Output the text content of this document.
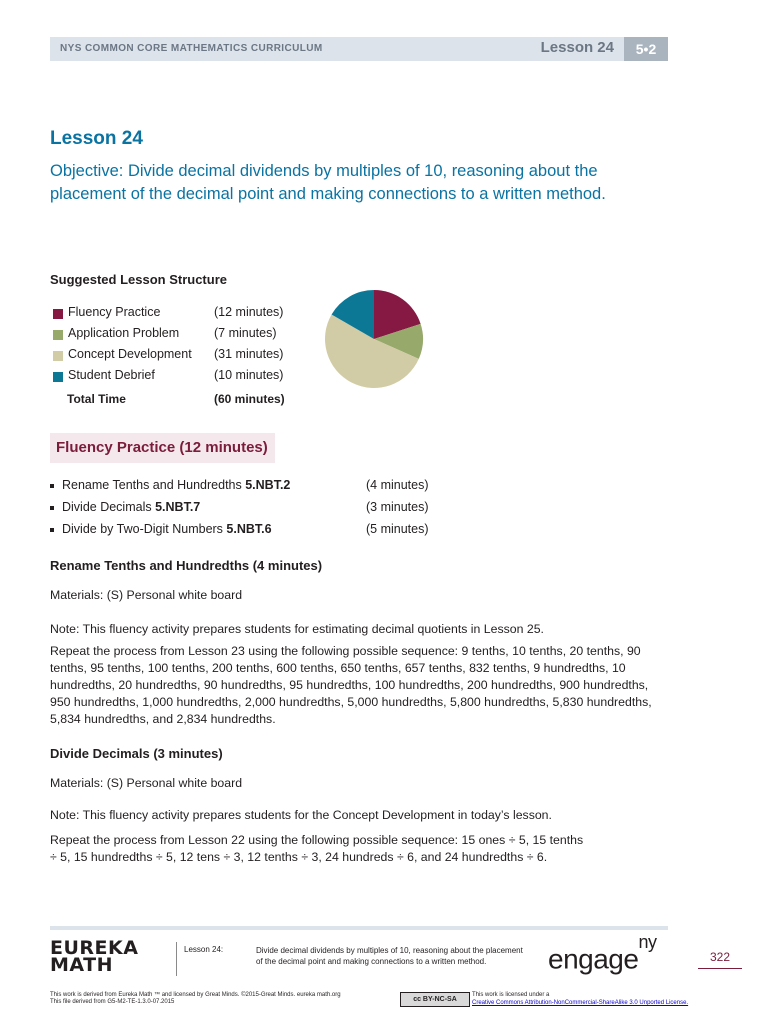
NYS COMMON CORE MATHEMATICS CURRICULUM	Lesson 24	5•2
Lesson 24
Objective: Divide decimal dividends by multiples of 10, reasoning about the placement of the decimal point and making connections to a written method.
Suggested Lesson Structure
Fluency Practice	(12 minutes)
Application Problem	(7 minutes)
Concept Development (31 minutes)
Student Debrief	(10 minutes)
Total Time	(60 minutes)
Fluency Practice (12 minutes)
Rename Tenths and Hundredths 5.NBT.2	(4 minutes)
Divide Decimals 5.NBT.7	(3 minutes)
Divide by Two-Digit Numbers 5.NBT.6	(5 minutes)
Rename Tenths and Hundredths (4 minutes)
Materials: (S) Personal white board
Note: This fluency activity prepares students for estimating decimal quotients in Lesson 25.
Repeat the process from Lesson 23 using the following possible sequence: 9 tenths, 10 tenths, 20 tenths, 90 tenths, 95 tenths, 100 tenths, 200 tenths, 600 tenths, 650 tenths, 657 tenths, 832 tenths, 9 hundredths, 10 hundredths, 20 hundredths, 90 hundredths, 95 hundredths, 100 hundredths, 200 hundredths, 900 hundredths, 950 hundredths, 1,000 hundredths, 2,000 hundredths, 5,000 hundredths, 5,800 hundredths, 5,830 hundredths, 5,834 hundredths, and 2,834 hundredths.
Divide Decimals (3 minutes)
Materials: (S) Personal white board
Note: This fluency activity prepares students for the Concept Development in today’s lesson.
Repeat the process from Lesson 22 using the following possible sequence: 15 ones ÷ 5, 15 tenths ÷ 5, 15 hundredths ÷ 5, 12 tens ÷ 3, 12 tenths ÷ 3, 24 hundreds ÷ 6, and 24 hundredths ÷ 6.
EUREKA
MATH
Lesson 24:	Divide decimal dividends by multiples of 10, reasoning about the placement of the decimal point and making connections to a written method.	engage$^{ny}$
322
This work is derived from Eureka Math ™ and licensed by Great Minds. ©2015-Great Minds. eureka math.org
This file derived from G5-M2-TE-1.3.0-07.2015	cc BY-NC-SA
This work is licensed under a
Creative Commons Attribution-NonCommercial-ShareAlike 3.0 Unported License.
